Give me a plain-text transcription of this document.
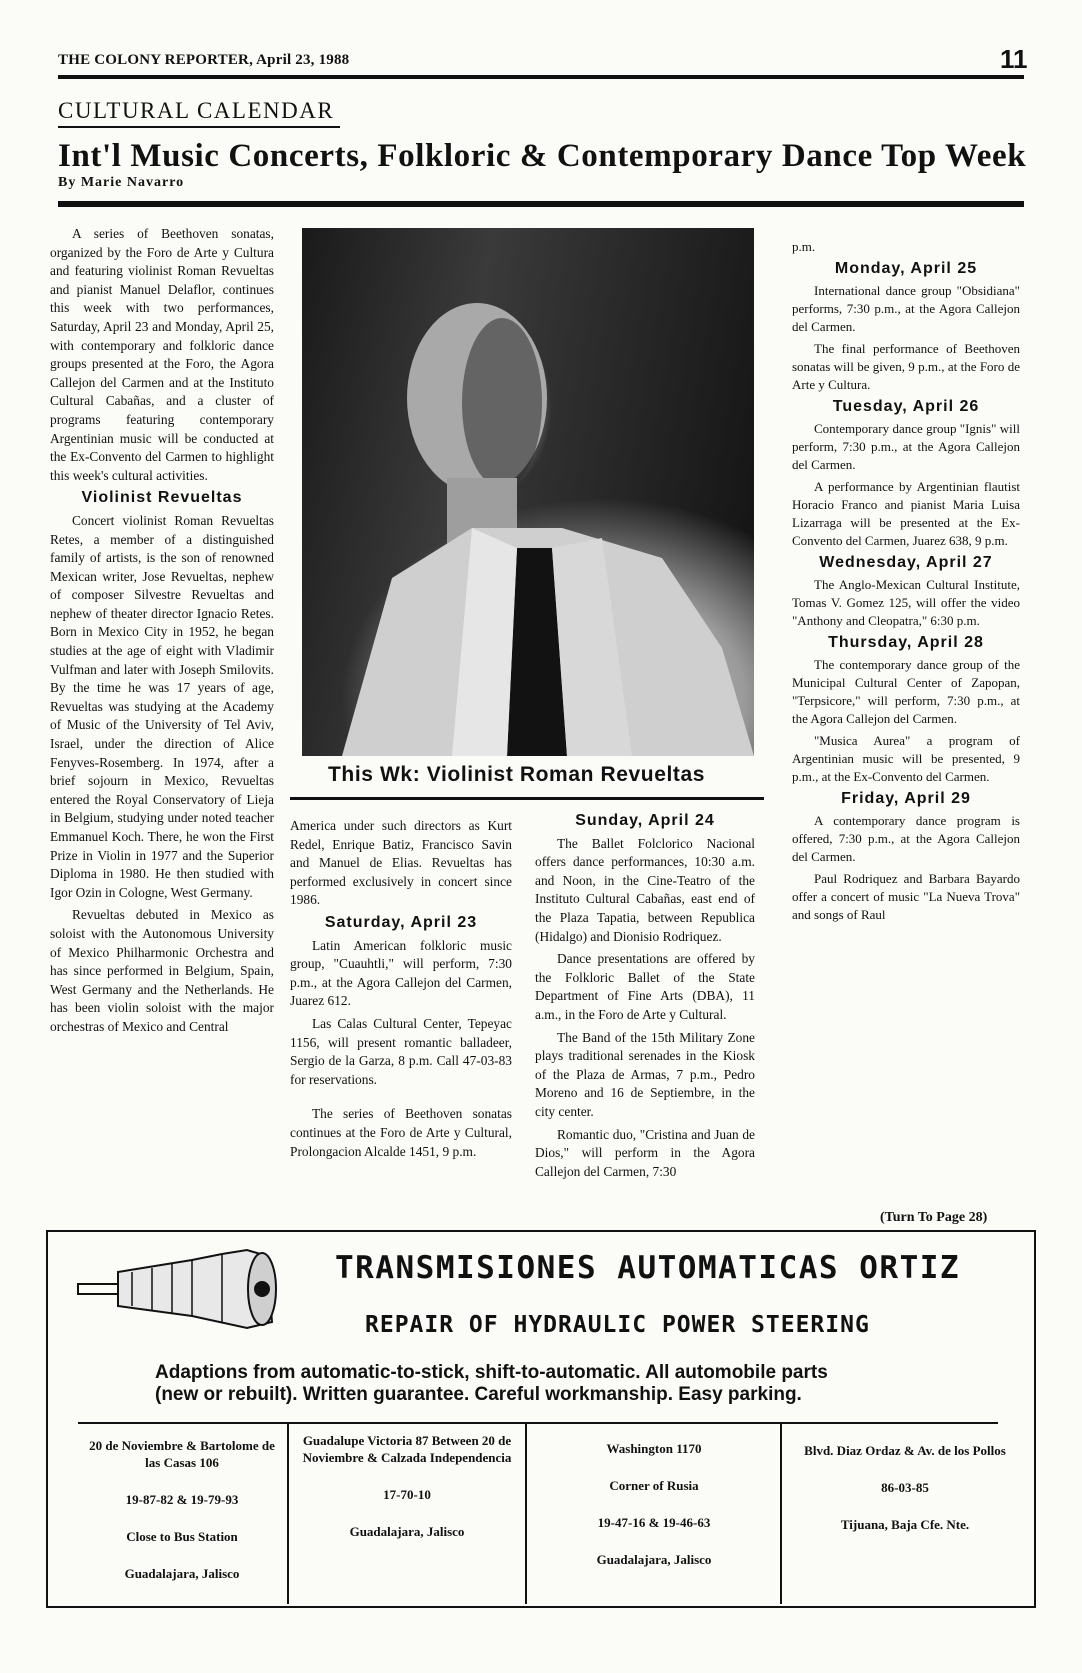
THE COLONY REPORTER, April 23, 1988	11
CULTURAL CALENDAR
Int'l Music Concerts, Folkloric & Contemporary Dance Top Week
By Marie Navarro

A series of Beethoven sonatas, organized by the Foro de Arte y Cultura and featuring violinist Roman Revueltas and pianist Manuel Delaflor, continues this week with two performances, Saturday, April 23 and Monday, April 25, with contemporary and folkloric dance groups presented at the Foro, the Agora Callejon del Carmen and at the Instituto Cultural Cabañas, and a cluster of programs featuring contemporary Argentinian music will be conducted at the Ex-Convento del Carmen to highlight this week's cultural activities.

Violinist Revueltas

Concert violinist Roman Revueltas Retes, a member of a distinguished family of artists, is the son of renowned Mexican writer, Jose Revueltas, nephew of composer Silvestre Revueltas and nephew of theater director Ignacio Retes. Born in Mexico City in 1952, he began studies at the age of eight with Vladimir Vulfman and later with Joseph Smilovits. By the time he was 17 years of age, Revueltas was studying at the Academy of Music of the University of Tel Aviv, Israel, under the direction of Alice Fenyves-Rosemberg. In 1974, after a brief sojourn in Mexico, Revueltas entered the Royal Conservatory of Lieja in Belgium, studying under noted teacher Emmanuel Koch. There, he won the First Prize in Violin in 1977 and the Superior Diploma in 1980. He then studied with Igor Ozin in Cologne, West Germany.

Revueltas debuted in Mexico as soloist with the Autonomous University of Mexico Philharmonic Orchestra and has since performed in Belgium, Spain, West Germany and the Netherlands. He has been violin soloist with the major orchestras of Mexico and Central

This Wk: Violinist Roman Revueltas

America under such directors as Kurt Redel, Enrique Batiz, Francisco Savin and Manuel de Elias. Revueltas has performed exclusively in concert since 1986.

Saturday, April 23

Latin American folkloric music group, "Cuauhtli," will perform, 7:30 p.m., at the Agora Callejon del Carmen, Juarez 612.

Las Calas Cultural Center, Tepeyac 1156, will present romantic balladeer, Sergio de la Garza, 8 p.m. Call 47-03-83 for reservations.

The series of Beethoven sonatas continues at the Foro de Arte y Cultural, Prolongacion Alcalde 1451, 9 p.m.

Sunday, April 24

The Ballet Folclorico Nacional offers dance performances, 10:30 a.m. and Noon, in the Cine-Teatro of the Instituto Cultural Cabañas, east end of the Plaza Tapatia, between Republica (Hidalgo) and Dionisio Rodriquez.

Dance presentations are offered by the Folkloric Ballet of the State Department of Fine Arts (DBA), 11 a.m., in the Foro de Arte y Cultural.

The Band of the 15th Military Zone plays traditional serenades in the Kiosk of the Plaza de Armas, 7 p.m., Pedro Moreno and 16 de Septiembre, in the city center.

Romantic duo, "Cristina and Juan de Dios," will perform in the Agora Callejon del Carmen, 7:30

p.m.

Monday, April 25

International dance group "Obsidiana" performs, 7:30 p.m., at the Agora Callejon del Carmen.

The final performance of Beethoven sonatas will be given, 9 p.m., at the Foro de Arte y Cultura.

Tuesday, April 26

Contemporary dance group "Ignis" will perform, 7:30 p.m., at the Agora Callejon del Carmen.

A performance by Argentinian flautist Horacio Franco and pianist Maria Luisa Lizarraga will be presented at the Ex-Convento del Carmen, Juarez 638, 9 p.m.

Wednesday, April 27

The Anglo-Mexican Cultural Institute, Tomas V. Gomez 125, will offer the video "Anthony and Cleopatra," 6:30 p.m.

Thursday, April 28

The contemporary dance group of the Municipal Cultural Center of Zapopan, "Terpsicore," will perform, 7:30 p.m., at the Agora Callejon del Carmen.

"Musica Aurea" a program of Argentinian music will be presented, 9 p.m., at the Ex-Convento del Carmen.

Friday, April 29

A contemporary dance program is offered, 7:30 p.m., at the Agora Callejon del Carmen.

Paul Rodriquez and Barbara Bayardo offer a concert of music "La Nueva Trova" and songs of Raul

(Turn To Page 28)
TRANSMISIONES AUTOMATICAS ORTIZ
REPAIR OF HYDRAULIC POWER STEERING
Adaptions from automatic-to-stick, shift-to-automatic. All automobile parts (new or rebuilt). Written guarantee. Careful workmanship. Easy parking.
20 de Noviembre & Bartolome de las Casas 106
19-87-82 & 19-79-93
Close to Bus Station
Guadalajara, Jalisco
Guadalupe Victoria 87 Between 20 de Noviembre & Calzada Independencia
17-70-10
Guadalajara, Jalisco
Washington 1170
Corner of Rusia
19-47-16 & 19-46-63
Guadalajara, Jalisco
Blvd. Diaz Ordaz & Av. de los Pollos
86-03-85
Tijuana, Baja Cfe. Nte.
